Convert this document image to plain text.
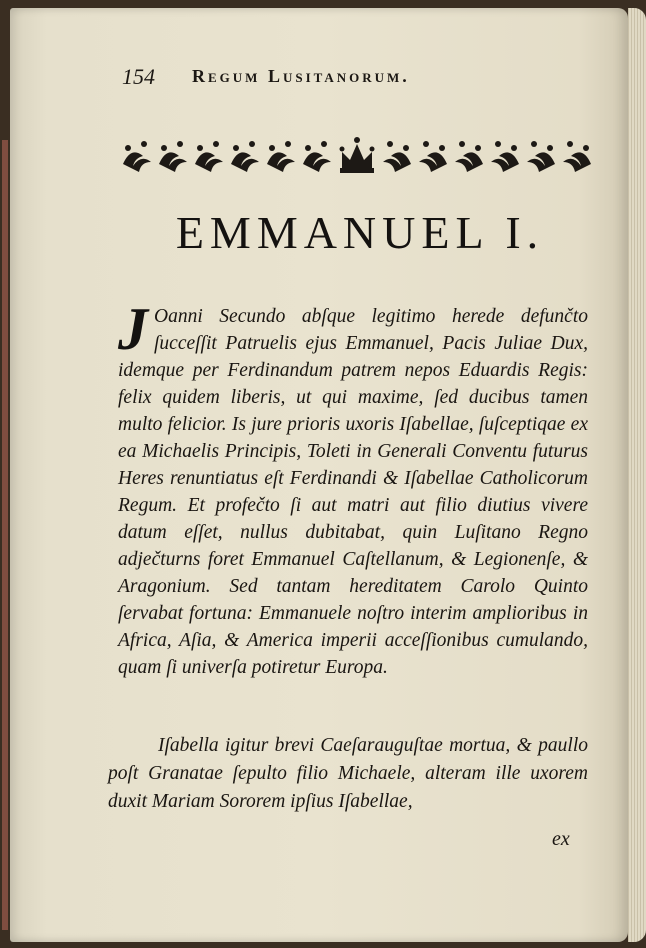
154 Regum Lusitanorum.
EMMANUEL I.
J Oanni Secundo abſque legitimo herede defunčto ſucceſſit Patruelis ejus Emmanuel, Pacis Juliae Dux, idemque per Ferdinandum patrem nepos Eduardis Regis: felix quidem liberis, ut qui maxime, ſed ducibus tamen multo felicior. Is jure prioris uxoris Iſabellae, ſuſceptiqae ex ea Michaelis Principis, Toleti in Generali Conventu futurus Heres renuntiatus eſt Ferdinandi & Iſabellae Catholicorum Regum. Et profečto ſi aut matri aut filio diutius vivere datum eſſet, nullus dubitabat, quin Luſitano Regno adječturns foret Emmanuel Caſtellanum, & Legionenſe, & Aragonium. Sed tantam hereditatem Carolo Quinto ſervabat fortuna: Emmanuele noſtro interim amplioribus in Africa, Aſia, & America imperii acceſſionibus cumulando, quam ſi univerſa potiretur Europa.
Iſabella igitur brevi Caeſarauguſtae mortua, & paullo poſt Granatae ſepulto filio Michaele, alteram ille uxorem duxit Mariam Sororem ipſius Iſabellae,
ex
